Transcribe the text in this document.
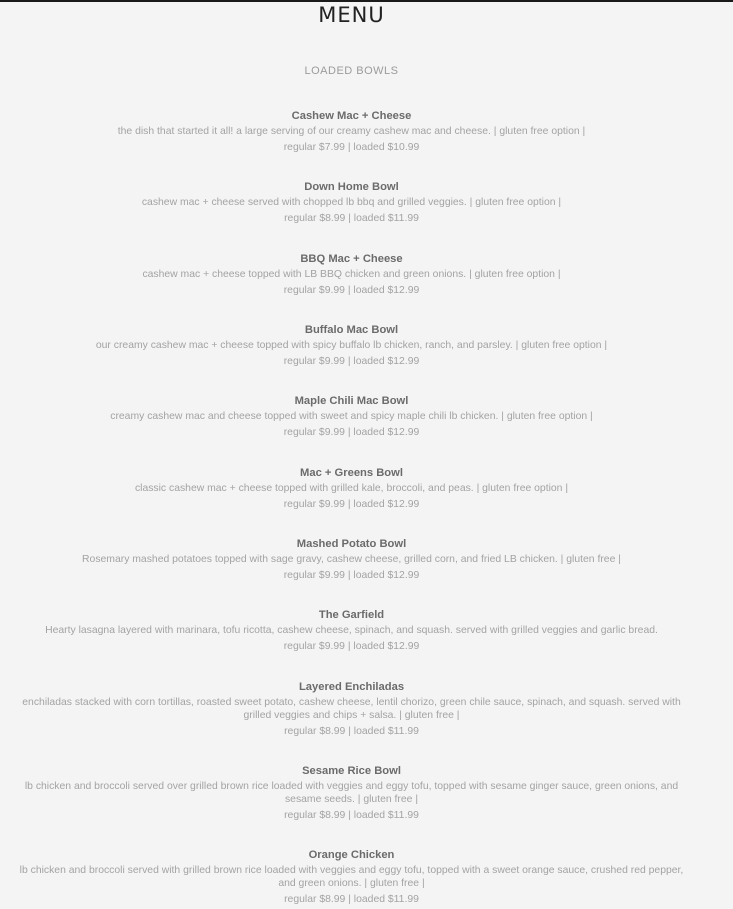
MENU
LOADED BOWLS
Cashew Mac + Cheese
the dish that started it all! a large serving of our creamy cashew mac and cheese. | gluten free option |
regular $7.99 | loaded $10.99
Down Home Bowl
cashew mac + cheese served with chopped lb bbq and grilled veggies. | gluten free option |
regular $8.99 | loaded $11.99
BBQ Mac + Cheese
cashew mac + cheese topped with LB BBQ chicken and green onions. | gluten free option |
regular $9.99 | loaded $12.99
Buffalo Mac Bowl
our creamy cashew mac + cheese topped with spicy buffalo lb chicken, ranch, and parsley. | gluten free option |
regular $9.99 | loaded $12.99
Maple Chili Mac Bowl
creamy cashew mac and cheese topped with sweet and spicy maple chili lb chicken. | gluten free option |
regular $9.99 | loaded $12.99
Mac + Greens Bowl
classic cashew mac + cheese topped with grilled kale, broccoli, and peas. | gluten free option |
regular $9.99 | loaded $12.99
Mashed Potato Bowl
Rosemary mashed potatoes topped with sage gravy, cashew cheese, grilled corn, and fried LB chicken. | gluten free |
regular $9.99 | loaded $12.99
The Garfield
Hearty lasagna layered with marinara, tofu ricotta, cashew cheese, spinach, and squash. served with grilled veggies and garlic bread.
regular $9.99 | loaded $12.99
Layered Enchiladas
enchiladas stacked with corn tortillas, roasted sweet potato, cashew cheese, lentil chorizo, green chile sauce, spinach, and squash. served with grilled veggies and chips + salsa. | gluten free |
regular $8.99 | loaded $11.99
Sesame Rice Bowl
lb chicken and broccoli served over grilled brown rice loaded with veggies and eggy tofu, topped with sesame ginger sauce, green onions, and sesame seeds. | gluten free |
regular $8.99 | loaded $11.99
Orange Chicken
lb chicken and broccoli served with grilled brown rice loaded with veggies and eggy tofu, topped with a sweet orange sauce, crushed red pepper, and green onions. | gluten free |
regular $8.99 | loaded $11.99
